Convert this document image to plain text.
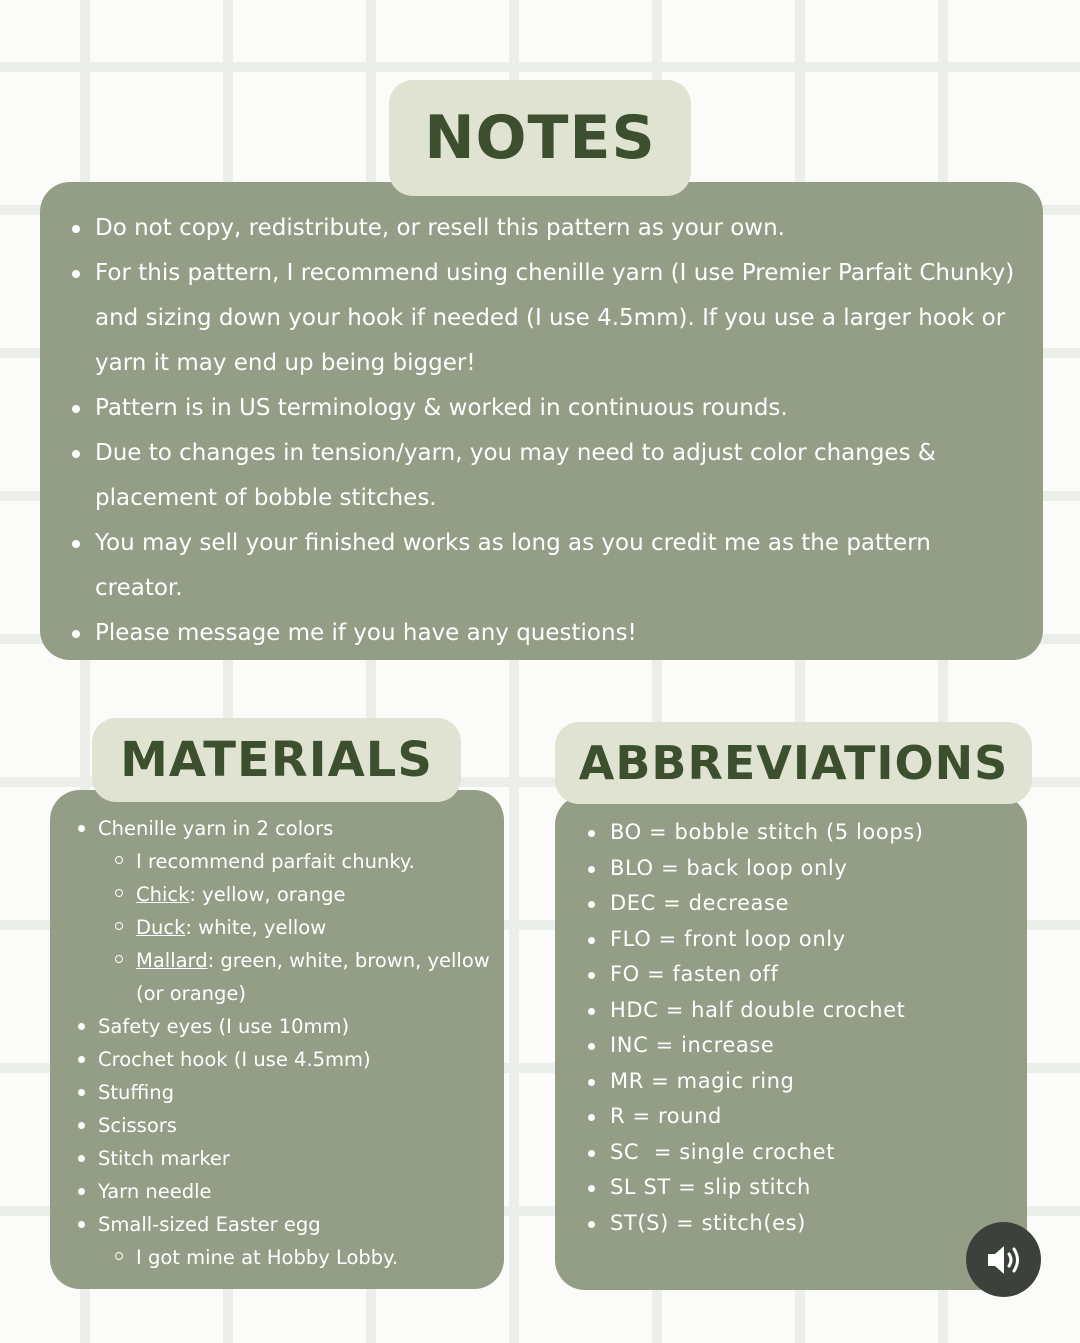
Do not copy, redistribute, or resell this pattern as your own.
For this pattern, I recommend using chenille yarn (I use Premier Parfait Chunky) and sizing down your hook if needed (I use 4.5mm). If you use a larger hook or yarn it may end up being bigger!
Pattern is in US terminology & worked in continuous rounds.
Due to changes in tension/yarn, you may need to adjust color changes & placement of bobble stitches.
You may sell your finished works as long as you credit me as the pattern creator.
Please message me if you have any questions!
NOTES
Chenille yarn in 2 colors
I recommend parfait chunky.
Chick: yellow, orange
Duck: white, yellow
Mallard: green, white, brown, yellow (or orange)
Safety eyes (I use 10mm)
Crochet hook (I use 4.5mm)
Stuffing
Scissors
Stitch marker
Yarn needle
Small-sized Easter egg
I got mine at Hobby Lobby.
MATERIALS
BO = bobble stitch (5 loops)
BLO = back loop only
DEC = decrease
FLO = front loop only
FO = fasten off
HDC = half double crochet
INC = increase
MR = magic ring
R = round
SC  = single crochet
SL ST = slip stitch
ST(S) = stitch(es)
ABBREVIATIONS
